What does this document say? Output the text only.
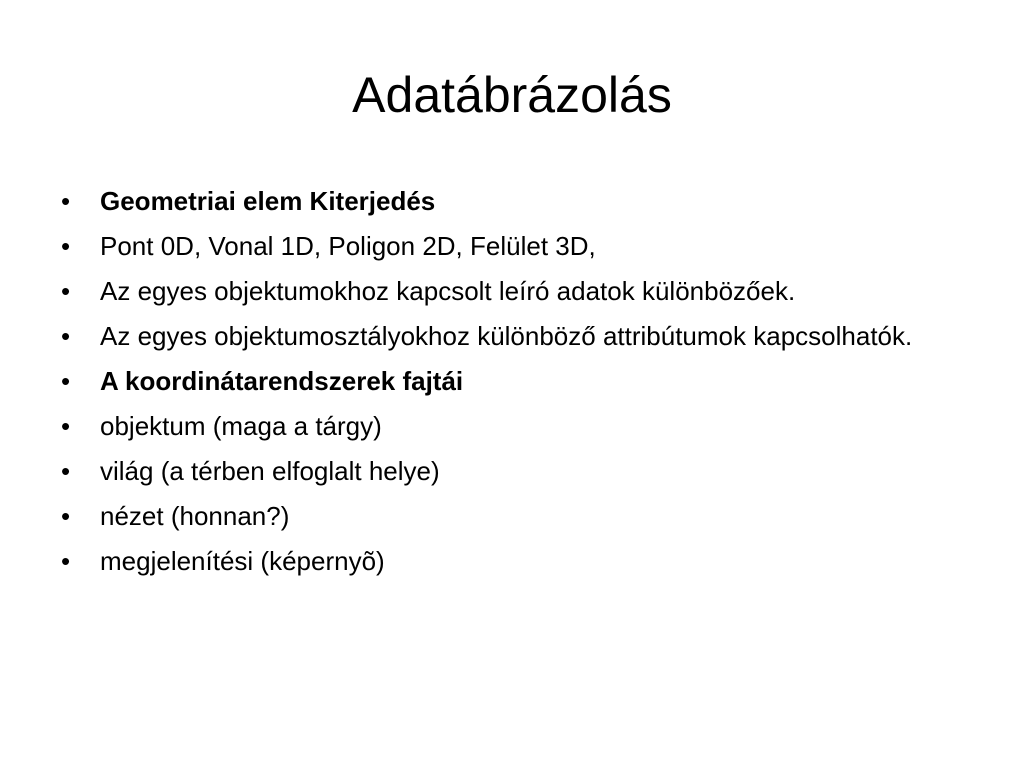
Adatábrázolás
• Geometriai elem Kiterjedés
• Pont 0D, Vonal 1D, Poligon 2D, Felület 3D,
• Az egyes objektumokhoz kapcsolt leíró adatok különbözőek.
• Az egyes objektumosztályokhoz különböző attribútumok kapcsolhatók.
• A koordinátarendszerek fajtái
• objektum (maga a tárgy)
• világ (a térben elfoglalt helye)
• nézet (honnan?)
• megjelenítési (képernyõ)
